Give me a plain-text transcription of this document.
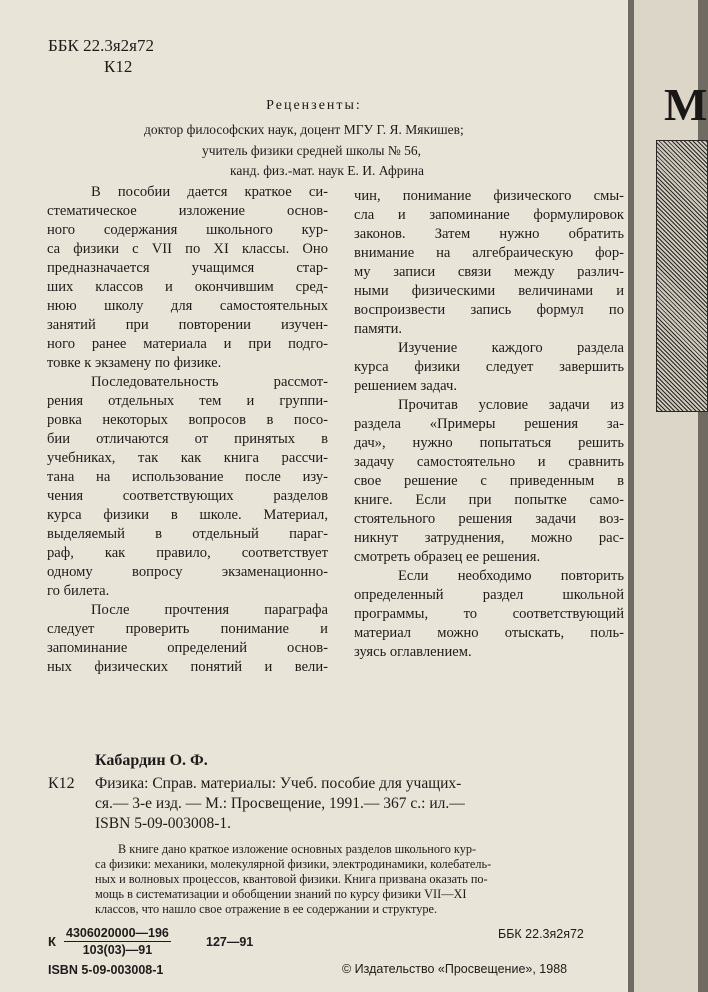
ББК 22.3я2я72
К12
Рецензенты:
доктор философских наук, доцент МГУ Г. Я. Мякишев;
учитель физики средней школы № 56,
канд. физ.-мат. наук Е. И. Африна
В пособии дается краткое си-
стематическое изложение основ-
ного содержания школьного кур-
са физики с VII по XI классы. Оно
предназначается учащимся стар-
ших классов и окончившим сред-
нюю школу для самостоятельных
занятий при повторении изучен-
ного ранее материала и при подго-
товке к экзамену по физике.
Последовательность рассмот-
рения отдельных тем и группи-
ровка некоторых вопросов в посо-
бии отличаются от принятых в
учебниках, так как книга рассчи-
тана на использование после изу-
чения соответствующих разделов
курса физики в школе. Материал,
выделяемый в отдельный параг-
раф, как правило, соответствует
одному вопросу экзаменационно-
го билета.
После прочтения параграфа
следует проверить понимание и
запоминание определений основ-
ных физических понятий и вели-
чин, понимание физического смы-
сла и запоминание формулировок
законов. Затем нужно обратить
внимание на алгебраическую фор-
му записи связи между различ-
ными физическими величинами и
воспроизвести запись формул по
памяти.
Изучение каждого раздела
курса физики следует завершить
решением задач.
Прочитав условие задачи из
раздела «Примеры решения за-
дач», нужно попытаться решить
задачу самостоятельно и сравнить
свое решение с приведенным в
книге. Если при попытке само-
стоятельного решения задачи воз-
никнут затруднения, можно рас-
смотреть образец ее решения.
Если необходимо повторить
определенный раздел школьной
программы, то соответствующий
материал можно отыскать, поль-
зуясь оглавлением.
Кабардин О. Ф.
К12 Физика: Справ. материалы: Учеб. пособие для учащих-
ся.— 3-е изд. — М.: Просвещение, 1991.— 367 с.: ил.—
ISBN 5-09-003008-1.
В книге дано краткое изложение основных разделов школьного кур-
са физики: механики, молекулярной физики, электродинамики, колебатель-
ных и волновых процессов, квантовой физики. Книга призвана оказать по-
мощь в систематизации и обобщении знаний по курсу физики VII—XI
классов, что нашло свое отражение в ее содержании и структуре.
К $\frac{4306020000—196}{103(03)—91}$	127—91
ББК 22.3я2я72
ISBN 5-09-003008-1	© Издательство «Просвещение», 1988
М
